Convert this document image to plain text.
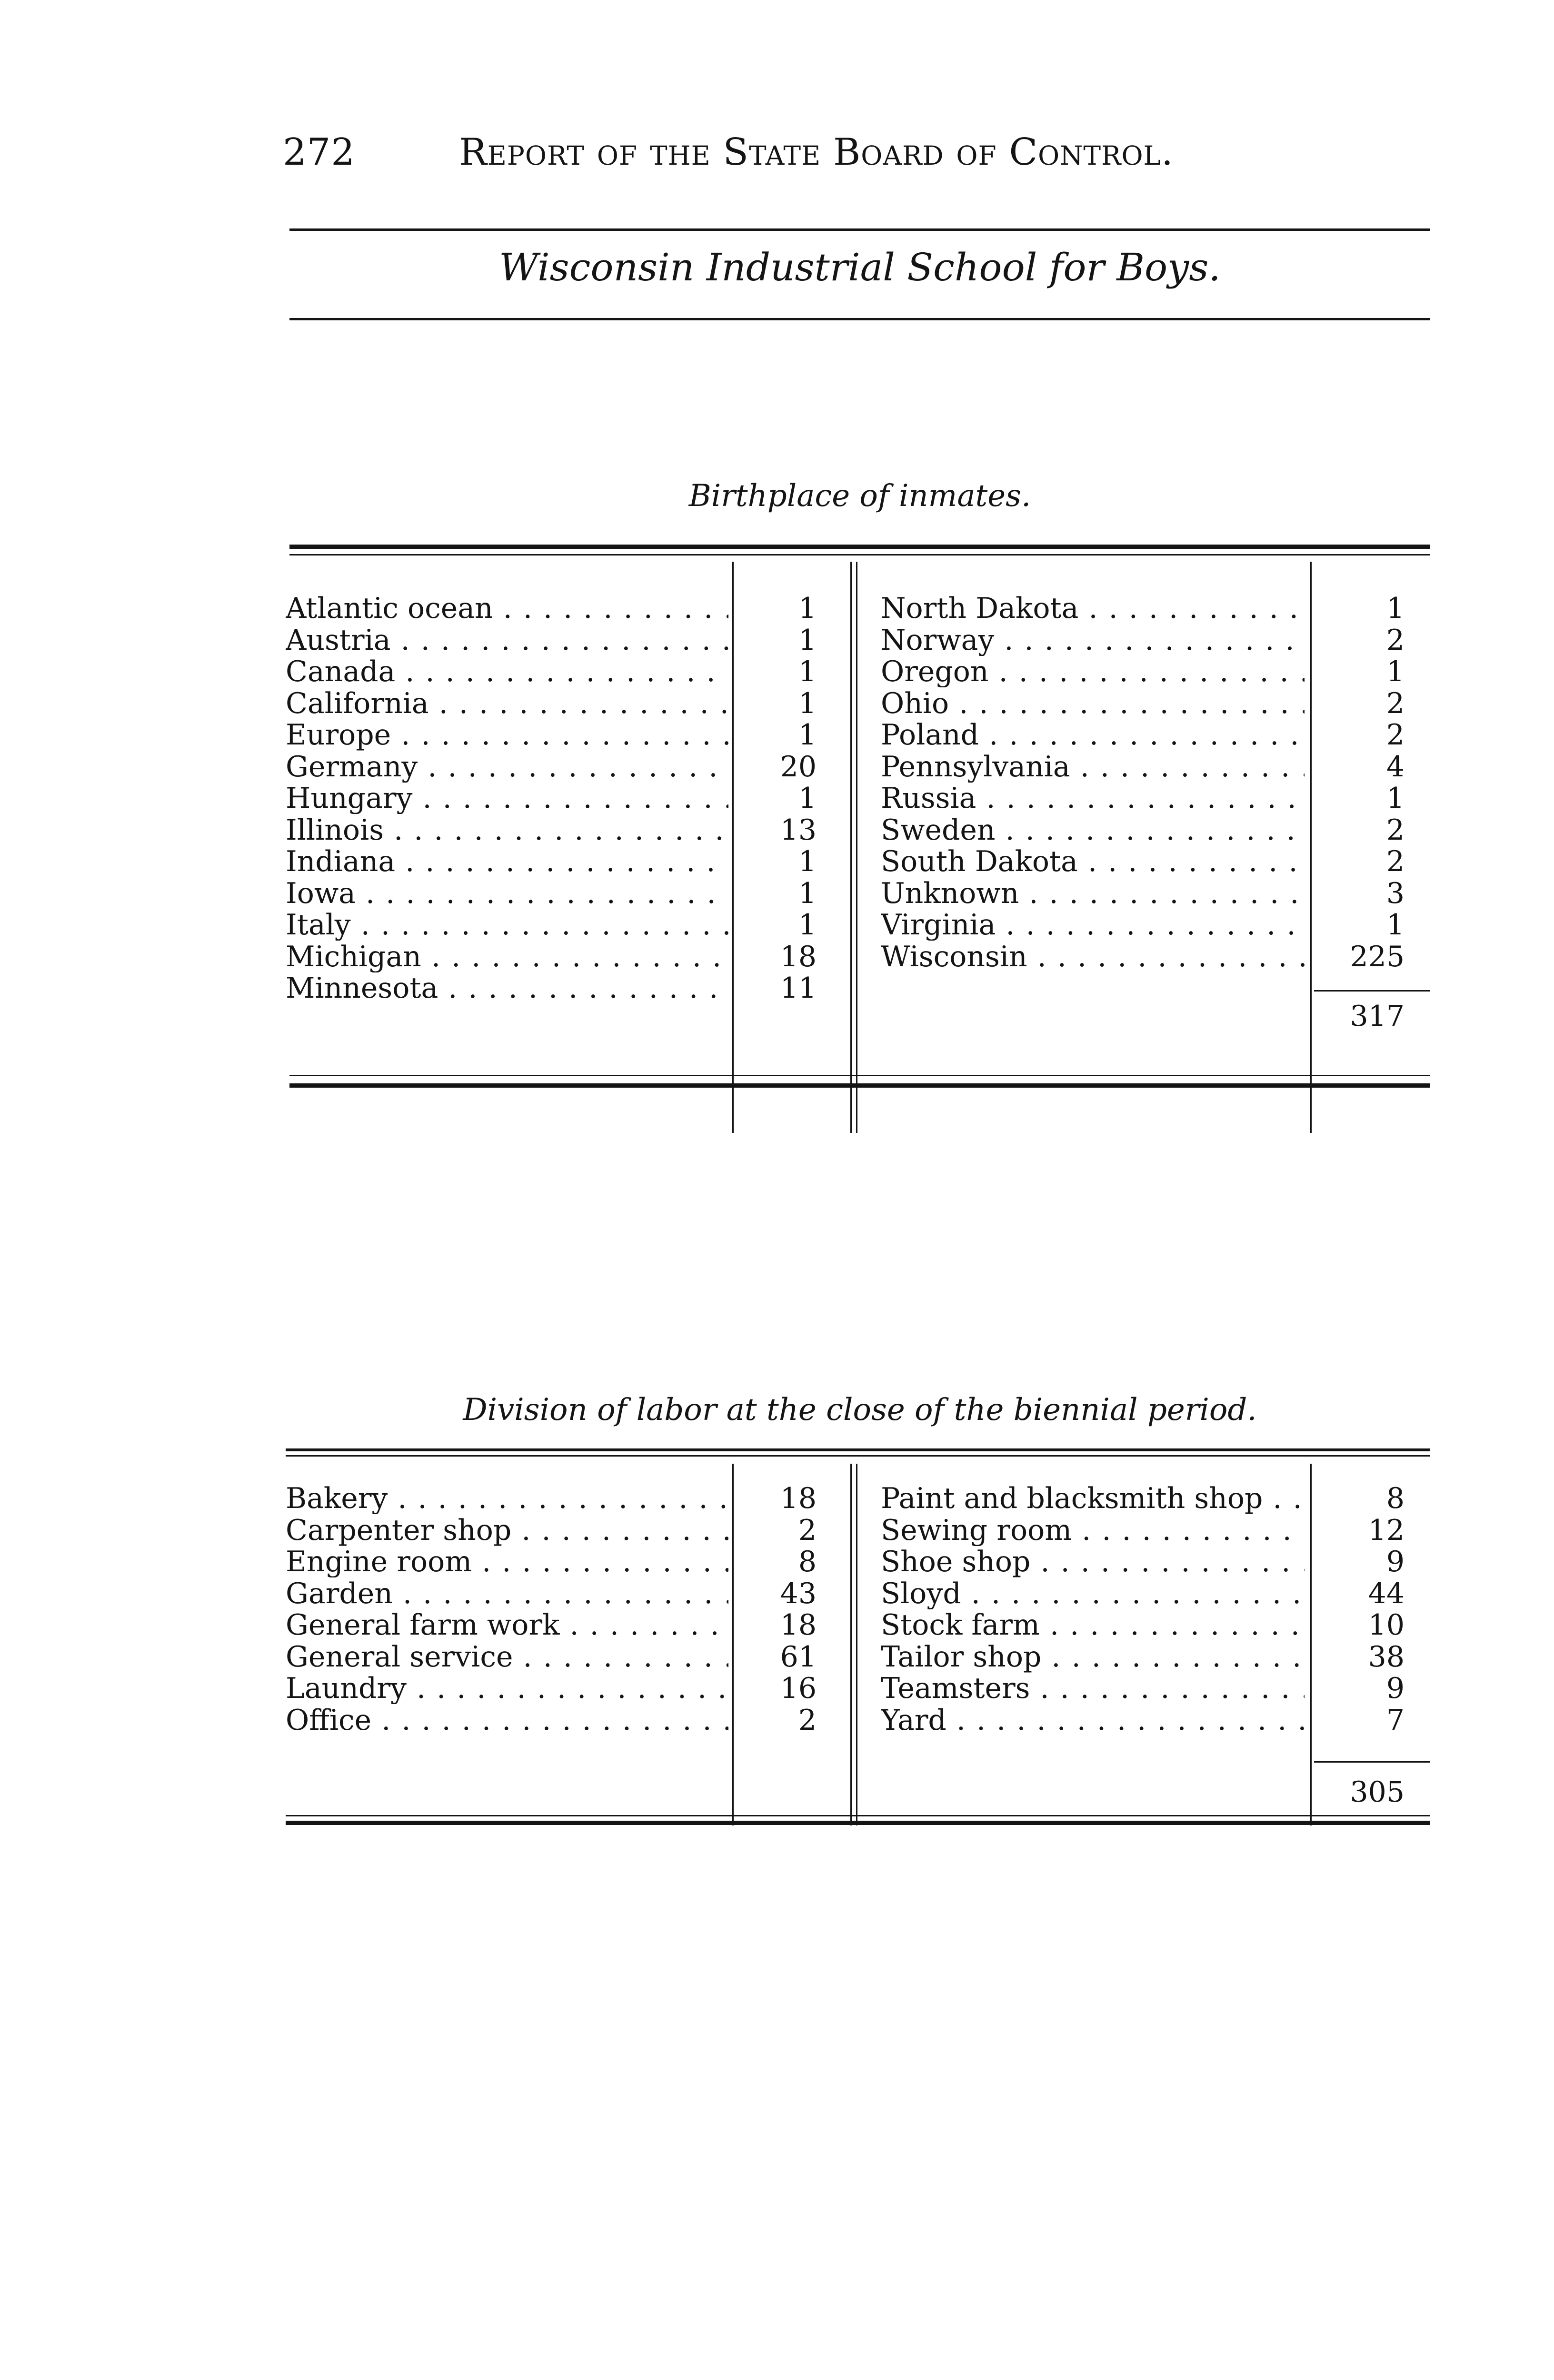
272	Report of the State Board of Control.
Wisconsin Industrial School for Boys.
Birthplace of inmates.
Atlantic ocean . . .	1
Austria . . .	1
Canada . . .	1
California . . .	1
Europe . . .	1
Germany . . .	20
Hungary . . .	1
Illinois . . .	13
Indiana . . .	1
Iowa . . .	1
Italy . . .	1
Michigan . . .	18
Minnesota . . .	11
North Dakota . . .	1
Norway . . .	2
Oregon . . .	1
Ohio . . .	2
Poland . . .	2
Pennsylvania . . .	4
Russia . . .	1
Sweden . . .	2
South Dakota . . .	2
Unknown . . .	3
Virginia . . .	1
Wisconsin . . .	225
317
Division of labor at the close of the biennial period.
Bakery . . .	18
Carpenter shop . . .	2
Engine room . . .	8
Garden . . .	43
General farm work . . .	18
General service . . .	61
Laundry . . .	16
Office . . .	2
Paint and blacksmith shop . . .	8
Sewing room . . .	12
Shoe shop . . .	9
Sloyd . . .	44
Stock farm . . .	10
Tailor shop . . .	38
Teamsters . . .	9
Yard . . .	7
305
